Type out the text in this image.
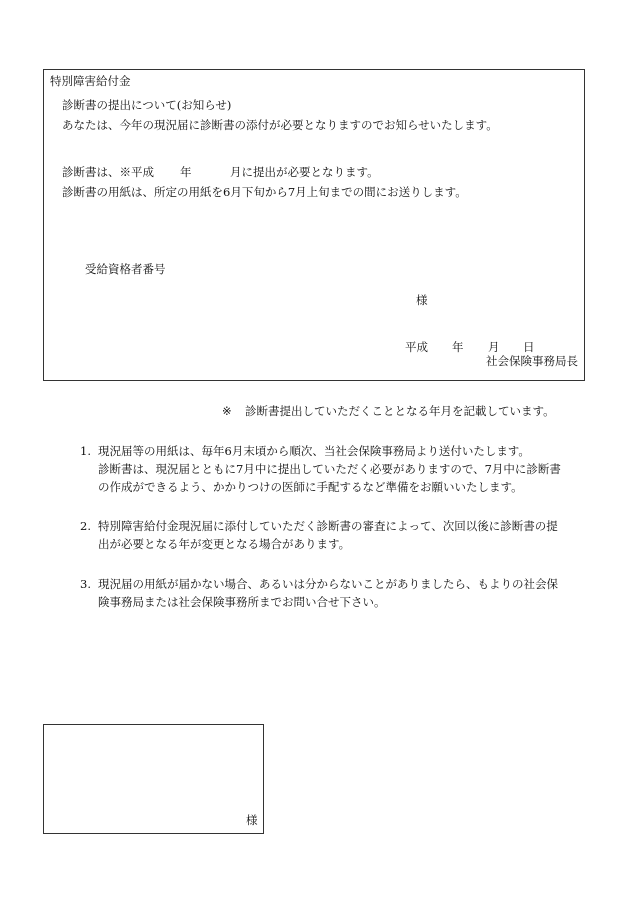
特別障害給付金
診断書の提出について(お知らせ)
あなたは、今年の現況届に診断書の添付が必要となりますのでお知らせいたします。
診断書は、※平成 年	月に提出が必要となります。
診断書の用紙は、所定の用紙を6月下旬から7月上旬までの間にお送りします。
受給資格者番号
様
平成 年 月 日
社会保険事務局長
※ 診断書提出していただくこととなる年月を記載しています。
1. 現況届等の用紙は、毎年6月末頃から順次、当社会保険事務局より送付いたします。
診断書は、現況届とともに7月中に提出していただく必要がありますので、7月中に診断書
の作成ができるよう、かかりつけの医師に手配するなど準備をお願いいたします。
2. 特別障害給付金現況届に添付していただく診断書の審査によって、次回以後に診断書の提
出が必要となる年が変更となる場合があります。
3. 現況届の用紙が届かない場合、あるいは分からないことがありましたら、もよりの社会保
険事務局または社会保険事務所までお問い合せ下さい。
様
